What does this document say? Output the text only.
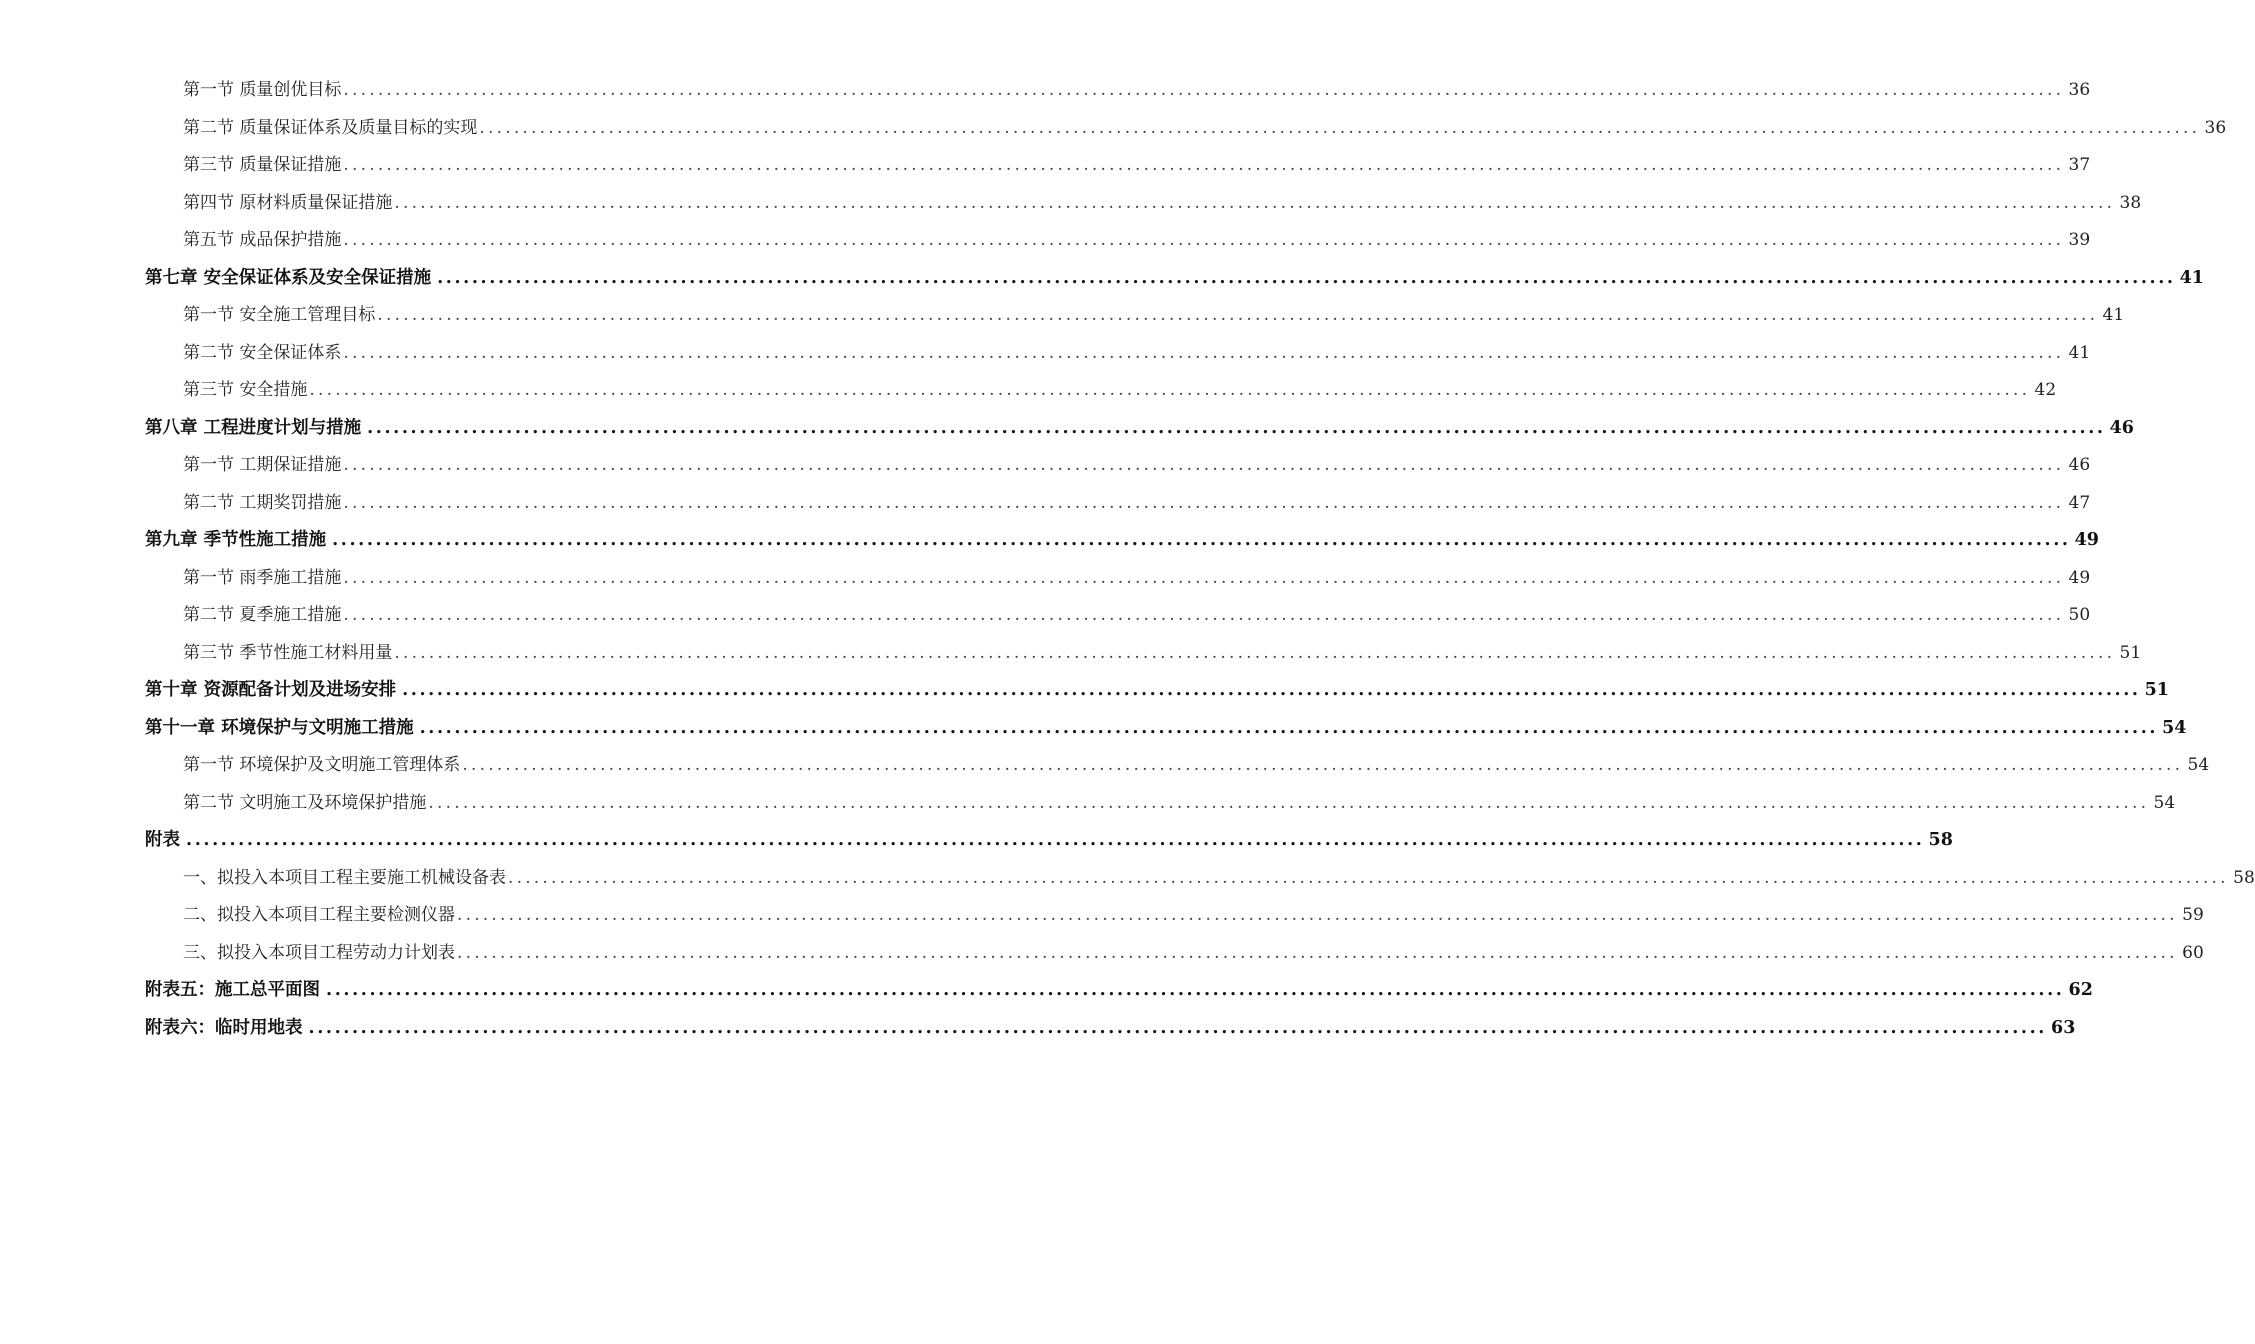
第一节 质量创优目标 ........................................................................................................................................................................................................ 36
第二节 质量保证体系及质量目标的实现 ........................................................................................................................................................................................................ 36
第三节 质量保证措施 ........................................................................................................................................................................................................ 37
第四节 原材料质量保证措施 ........................................................................................................................................................................................................ 38
第五节 成品保护措施 ........................................................................................................................................................................................................ 39
第七章 安全保证体系及安全保证措施 ........................................................................................................................................................................................................ 41
第一节 安全施工管理目标 ........................................................................................................................................................................................................ 41
第二节 安全保证体系 ........................................................................................................................................................................................................ 41
第三节 安全措施 ........................................................................................................................................................................................................ 42
第八章 工程进度计划与措施 ........................................................................................................................................................................................................ 46
第一节 工期保证措施 ........................................................................................................................................................................................................ 46
第二节 工期奖罚措施 ........................................................................................................................................................................................................ 47
第九章 季节性施工措施 ........................................................................................................................................................................................................ 49
第一节 雨季施工措施 ........................................................................................................................................................................................................ 49
第二节 夏季施工措施 ........................................................................................................................................................................................................ 50
第三节 季节性施工材料用量 ........................................................................................................................................................................................................ 51
第十章 资源配备计划及进场安排 ........................................................................................................................................................................................................ 51
第十一章 环境保护与文明施工措施 ........................................................................................................................................................................................................ 54
第一节 环境保护及文明施工管理体系 ........................................................................................................................................................................................................ 54
第二节 文明施工及环境保护措施 ........................................................................................................................................................................................................ 54
附表 ........................................................................................................................................................................................................ 58
一、拟投入本项目工程主要施工机械设备表 ........................................................................................................................................................................................................ 58
二、拟投入本项目工程主要检测仪器 ........................................................................................................................................................................................................ 59
三、拟投入本项目工程劳动力计划表 ........................................................................................................................................................................................................ 60
附表五：施工总平面图 ........................................................................................................................................................................................................ 62
附表六：临时用地表 ........................................................................................................................................................................................................ 63
